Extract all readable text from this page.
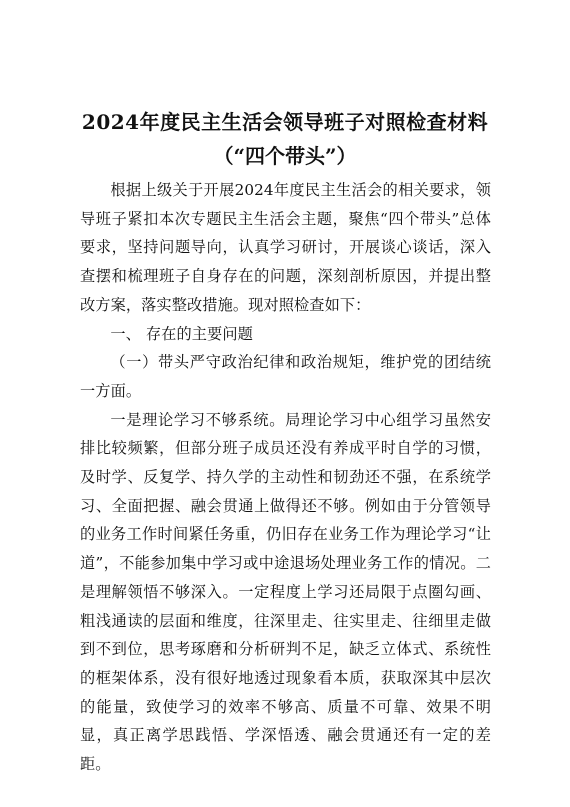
2024年度民主生活会领导班子对照检查材料
（“四个带头”）

根据上级关于开展2024年度民主生活会的相关要求，领导班子紧扣本次专题民主生活会主题，聚焦“四个带头”总体要求，坚持问题导向，认真学习研讨，开展谈心谈话，深入查摆和梳理班子自身存在的问题，深刻剖析原因，并提出整改方案，落实整改措施。现对照检查如下：

一、 存在的主要问题

（一）带头严守政治纪律和政治规矩，维护党的团结统一方面。

一是理论学习不够系统。局理论学习中心组学习虽然安排比较频繁，但部分班子成员还没有养成平时自学的习惯，及时学、反复学、持久学的主动性和韧劲还不强，在系统学习、全面把握、融会贯通上做得还不够。例如由于分管领导的业务工作时间紧任务重，仍旧存在业务工作为理论学习“让道”，不能参加集中学习或中途退场处理业务工作的情况。二是理解领悟不够深入。一定程度上学习还局限于点圈勾画、粗浅通读的层面和维度，往深里走、往实里走、往细里走做到不到位，思考琢磨和分析研判不足，缺乏立体式、系统性的框架体系，没有很好地透过现象看本质，获取深其中层次的能量，致使学习的效率不够高、质量不可靠、效果不明显，真正离学思践悟、学深悟透、融会贯通还有一定的差距。
